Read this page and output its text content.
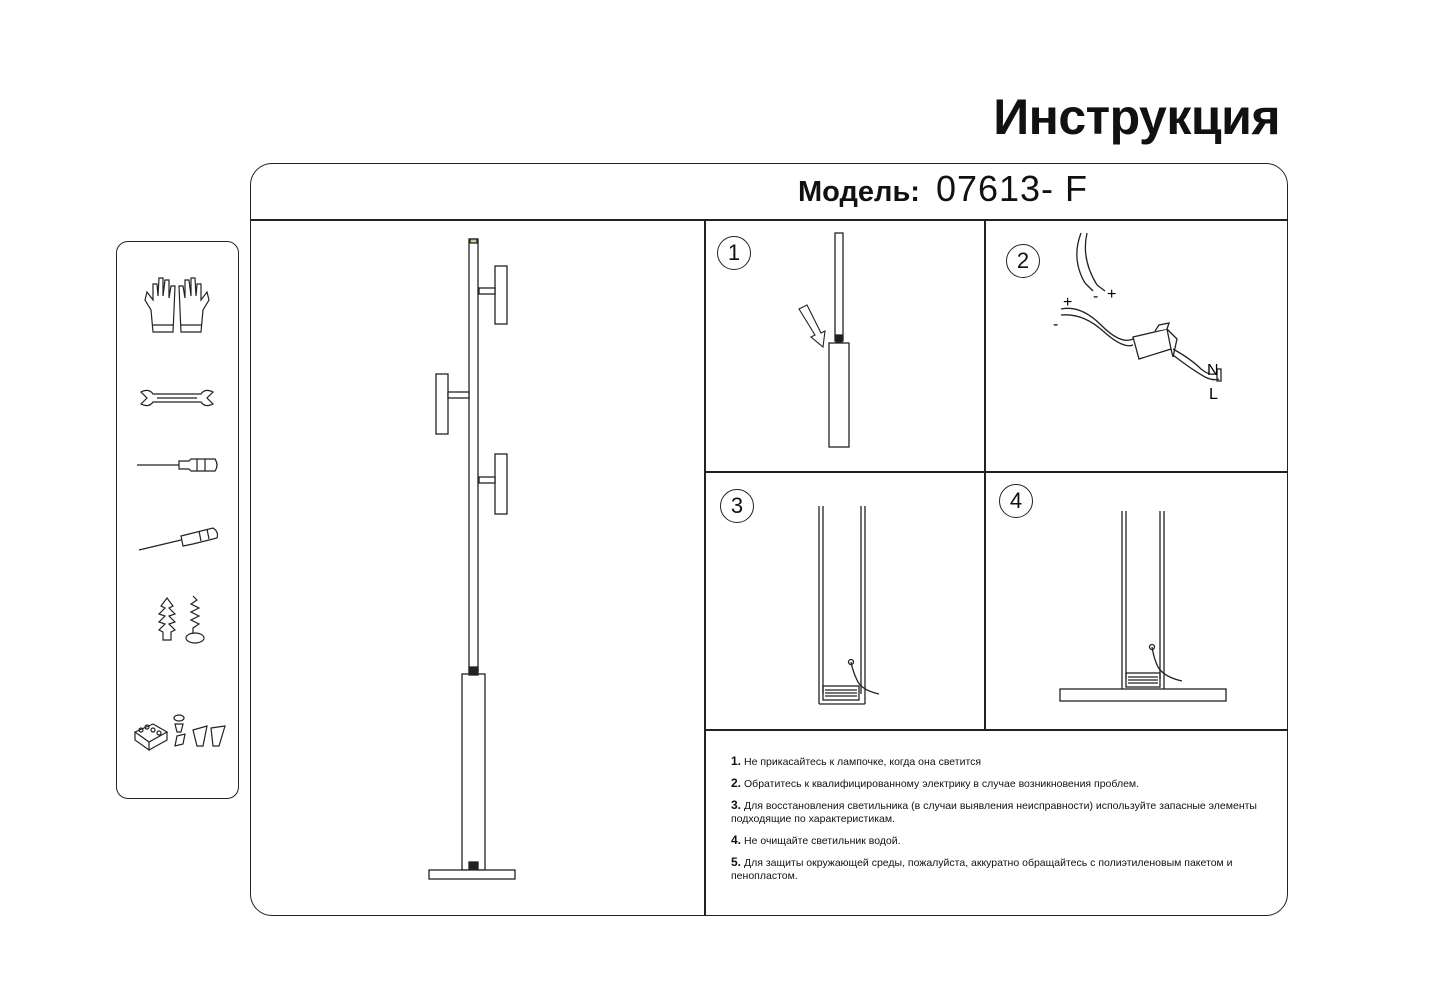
Инструкция
Модель: 07613- F
1	2
+
-
+
-
N
L
3	4
1. Не прикасайтесь к лампочке, когда она светится
2. Обратитесь к квалифицированному электрику в случае возникновения проблем.
3. Для восстановления светильника (в случаи выявления неисправности) используйте запасные элементы подходящие по характеристикам.
4. Не очищайте светильник водой.
5. Для защиты окружающей среды, пожалуйста, аккуратно обращайтесь с полиэтиленовым пакетом и пенопластом.
